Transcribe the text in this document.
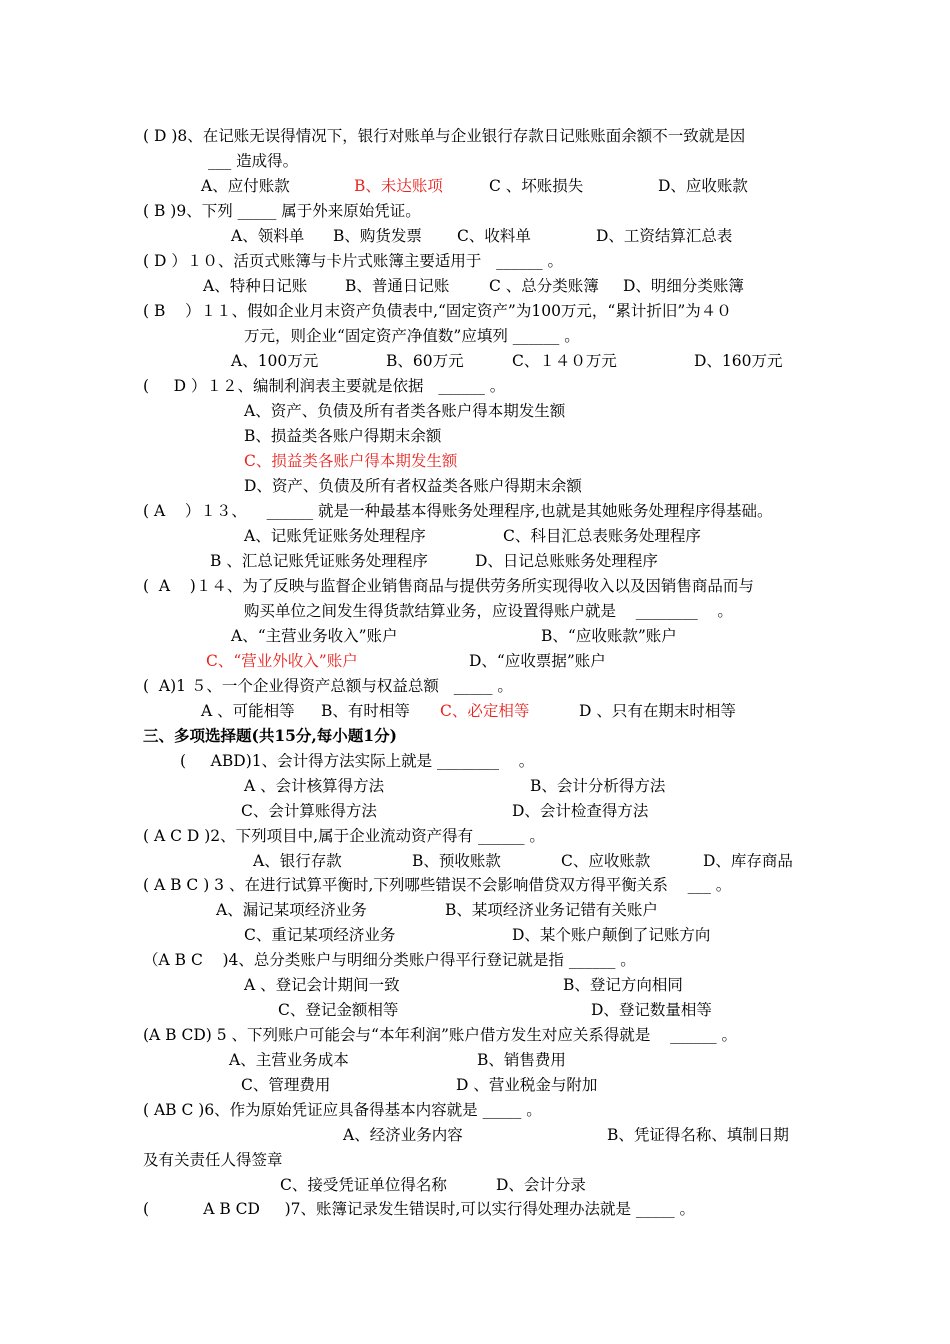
( D )8、在记账无误得情况下，银行对账单与企业银行存款日记账账面余额不一致就是因
___ 造成得。
A、应付账款	B、未达账项	C 、坏账损失	D、应收账款
( B )9、下列 _____ 属于外来原始凭证。
A、领料单 B、购货发票 C、收料单	D、工资结算汇总表
( D ）１０、活页式账簿与卡片式账簿主要适用于   ______ 。
A、特种日记账 B、普通日记账	C 、总分类账簿 D、明细分类账簿
( B    ）１１、假如企业月末资产负债表中,“固定资产”为100万元，“累计折旧”为４０
万元，则企业“固定资产净值数”应填列 ______ 。
A、100万元	B、60万元	C、１４０万元	D、160万元
(     D ）１２、编制利润表主要就是依据   ______ 。
A、资产、负债及所有者类各账户得本期发生额
B、损益类各账户得期末余额
C、损益类各账户得本期发生额
D、资产、负债及所有者权益类各账户得期末余额
( A    ）１３、    ______ 就是一种最基本得账务处理程序,也就是其她账务处理程序得基础。
A、记账凭证账务处理程序	C、科目汇总表账务处理程序
B 、汇总记账凭证账务处理程序	D、日记总账账务处理程序
(  A    )１４、为了反映与监督企业销售商品与提供劳务所实现得收入以及因销售商品而与
购买单位之间发生得货款结算业务，应设置得账户就是    ________    。
A、“主营业务收入”账户	B、“应收账款”账户
C、“营业外收入”账户	D、“应收票据”账户
(  A)1 ５、一个企业得资产总额与权益总额   _____ 。
A 、可能相等 B、有时相等 C、必定相等	D 、只有在期末时相等
三、多项选择题(共15分,每小题1分)
(     ABD)1、会计得方法实际上就是 ________    。
A 、会计核算得方法	B、会计分析得方法
C、会计算账得方法	D、会计检查得方法
( A C D )2、下列项目中,属于企业流动资产得有 ______ 。
A、银行存款	B、预收账款	C、应收账款	D、库存商品
( A B C ) 3 、在进行试算平衡时,下列哪些错误不会影响借贷双方得平衡关系    ___ 。
A、漏记某项经济业务	B、某项经济业务记错有关账户
C、重记某项经济业务	D、某个账户颠倒了记账方向
（A B C    )4、总分类账户与明细分类账户得平行登记就是指 ______ 。
A 、登记会计期间一致	B、登记方向相同
C、登记金额相等	D、登记数量相等
(A B CD) 5 、下列账户可能会与“本年利润”账户借方发生对应关系得就是    ______ 。
A、主营业务成本	B、销售费用
C、管理费用	D 、营业税金与附加
( AB C )6、作为原始凭证应具备得基本内容就是 _____ 。
A、经济业务内容	B、凭证得名称、填制日期
及有关责任人得签章
C、接受凭证单位得名称	D、会计分录
(           A B CD     )7、账簿记录发生错误时,可以实行得处理办法就是 _____ 。
